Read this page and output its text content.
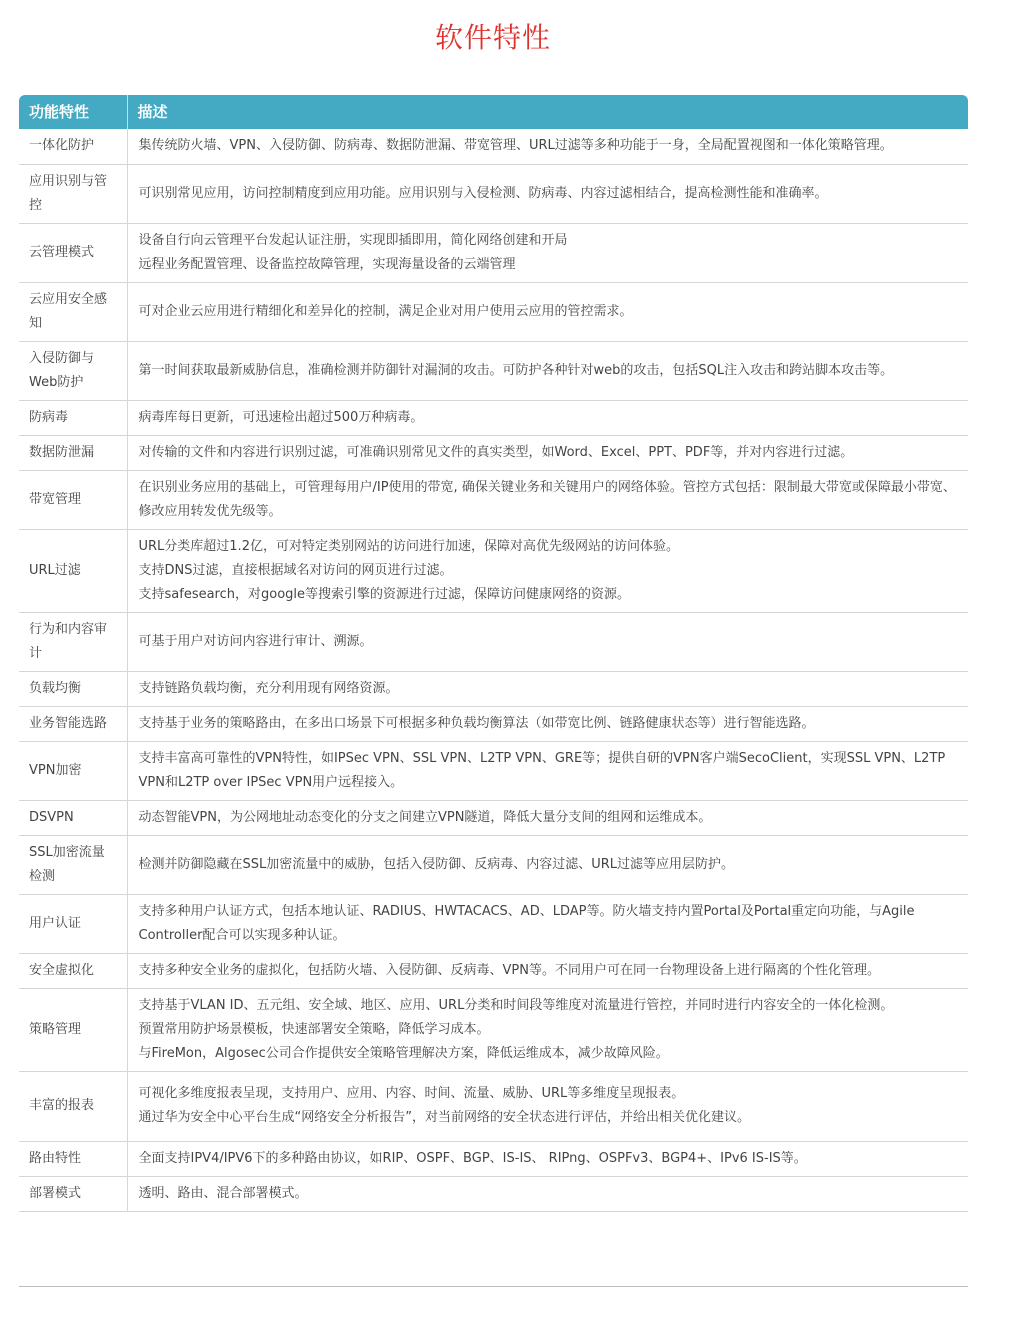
软件特性
功能特性	描述
一体化防护	集传统防火墙、VPN、入侵防御、防病毒、数据防泄漏、带宽管理、URL过滤等多种功能于一身，全局配置视图和一体化策略管理。

应用识别与管控	可识别常见应用，访问控制精度到应用功能。应用识别与入侵检测、防病毒、内容过滤相结合，提高检测性能和准确率。

云管理模式	设备自行向云管理平台发起认证注册，实现即插即用，简化网络创建和开局
远程业务配置管理、设备监控故障管理，实现海量设备的云端管理

云应用安全感知	可对企业云应用进行精细化和差异化的控制，满足企业对用户使用云应用的管控需求。

入侵防御与Web防护	第一时间获取最新威胁信息，准确检测并防御针对漏洞的攻击。可防护各种针对web的攻击，包括SQL注入攻击和跨站脚本攻击等。

防病毒	病毒库每日更新，可迅速检出超过500万种病毒。

数据防泄漏	对传输的文件和内容进行识别过滤，可准确识别常见文件的真实类型，如Word、Excel、PPT、PDF等，并对内容进行过滤。

带宽管理	在识别业务应用的基础上，可管理每用户/IP使用的带宽, 确保关键业务和关键用户的网络体验。管控方式包括：限制最大带宽或保障最小带宽、修改应用转发优先级等。

URL过滤	URL分类库超过1.2亿，可对特定类别网站的访问进行加速，保障对高优先级网站的访问体验。
支持DNS过滤，直接根据域名对访问的网页进行过滤。
支持safesearch，对google等搜索引擎的资源进行过滤，保障访问健康网络的资源。

行为和内容审计	可基于用户对访问内容进行审计、溯源。

负载均衡	支持链路负载均衡，充分利用现有网络资源。

业务智能选路	支持基于业务的策略路由，在多出口场景下可根据多种负载均衡算法（如带宽比例、链路健康状态等）进行智能选路。

VPN加密	支持丰富高可靠性的VPN特性，如IPSec VPN、SSL VPN、L2TP VPN、GRE等；提供自研的VPN客户端SecoClient，实现SSL VPN、L2TP VPN和L2TP over IPSec VPN用户远程接入。

DSVPN	动态智能VPN，为公网地址动态变化的分支之间建立VPN隧道，降低大量分支间的组网和运维成本。

SSL加密流量检测	检测并防御隐藏在SSL加密流量中的威胁，包括入侵防御、反病毒、内容过滤、URL过滤等应用层防护。

用户认证	支持多种用户认证方式，包括本地认证、RADIUS、HWTACACS、AD、LDAP等。防火墙支持内置Portal及Portal重定向功能，与Agile Controller配合可以实现多种认证。

安全虚拟化	支持多种安全业务的虚拟化，包括防火墙、入侵防御、反病毒、VPN等。不同用户可在同一台物理设备上进行隔离的个性化管理。

策略管理	支持基于VLAN ID、五元组、安全域、地区、应用、URL分类和时间段等维度对流量进行管控，并同时进行内容安全的一体化检测。
预置常用防护场景模板，快速部署安全策略，降低学习成本。
与FireMon，Algosec公司合作提供安全策略管理解决方案，降低运维成本，减少故障风险。

丰富的报表	可视化多维度报表呈现，支持用户、应用、内容、时间、流量、威胁、URL等多维度呈现报表。
通过华为安全中心平台生成“网络安全分析报告”，对当前网络的安全状态进行评估，并给出相关优化建议。

路由特性	全面支持IPV4/IPV6下的多种路由协议，如RIP、OSPF、BGP、IS-IS、 RIPng、OSPFv3、BGP4+、IPv6 IS-IS等。

部署模式	透明、路由、混合部署模式。
